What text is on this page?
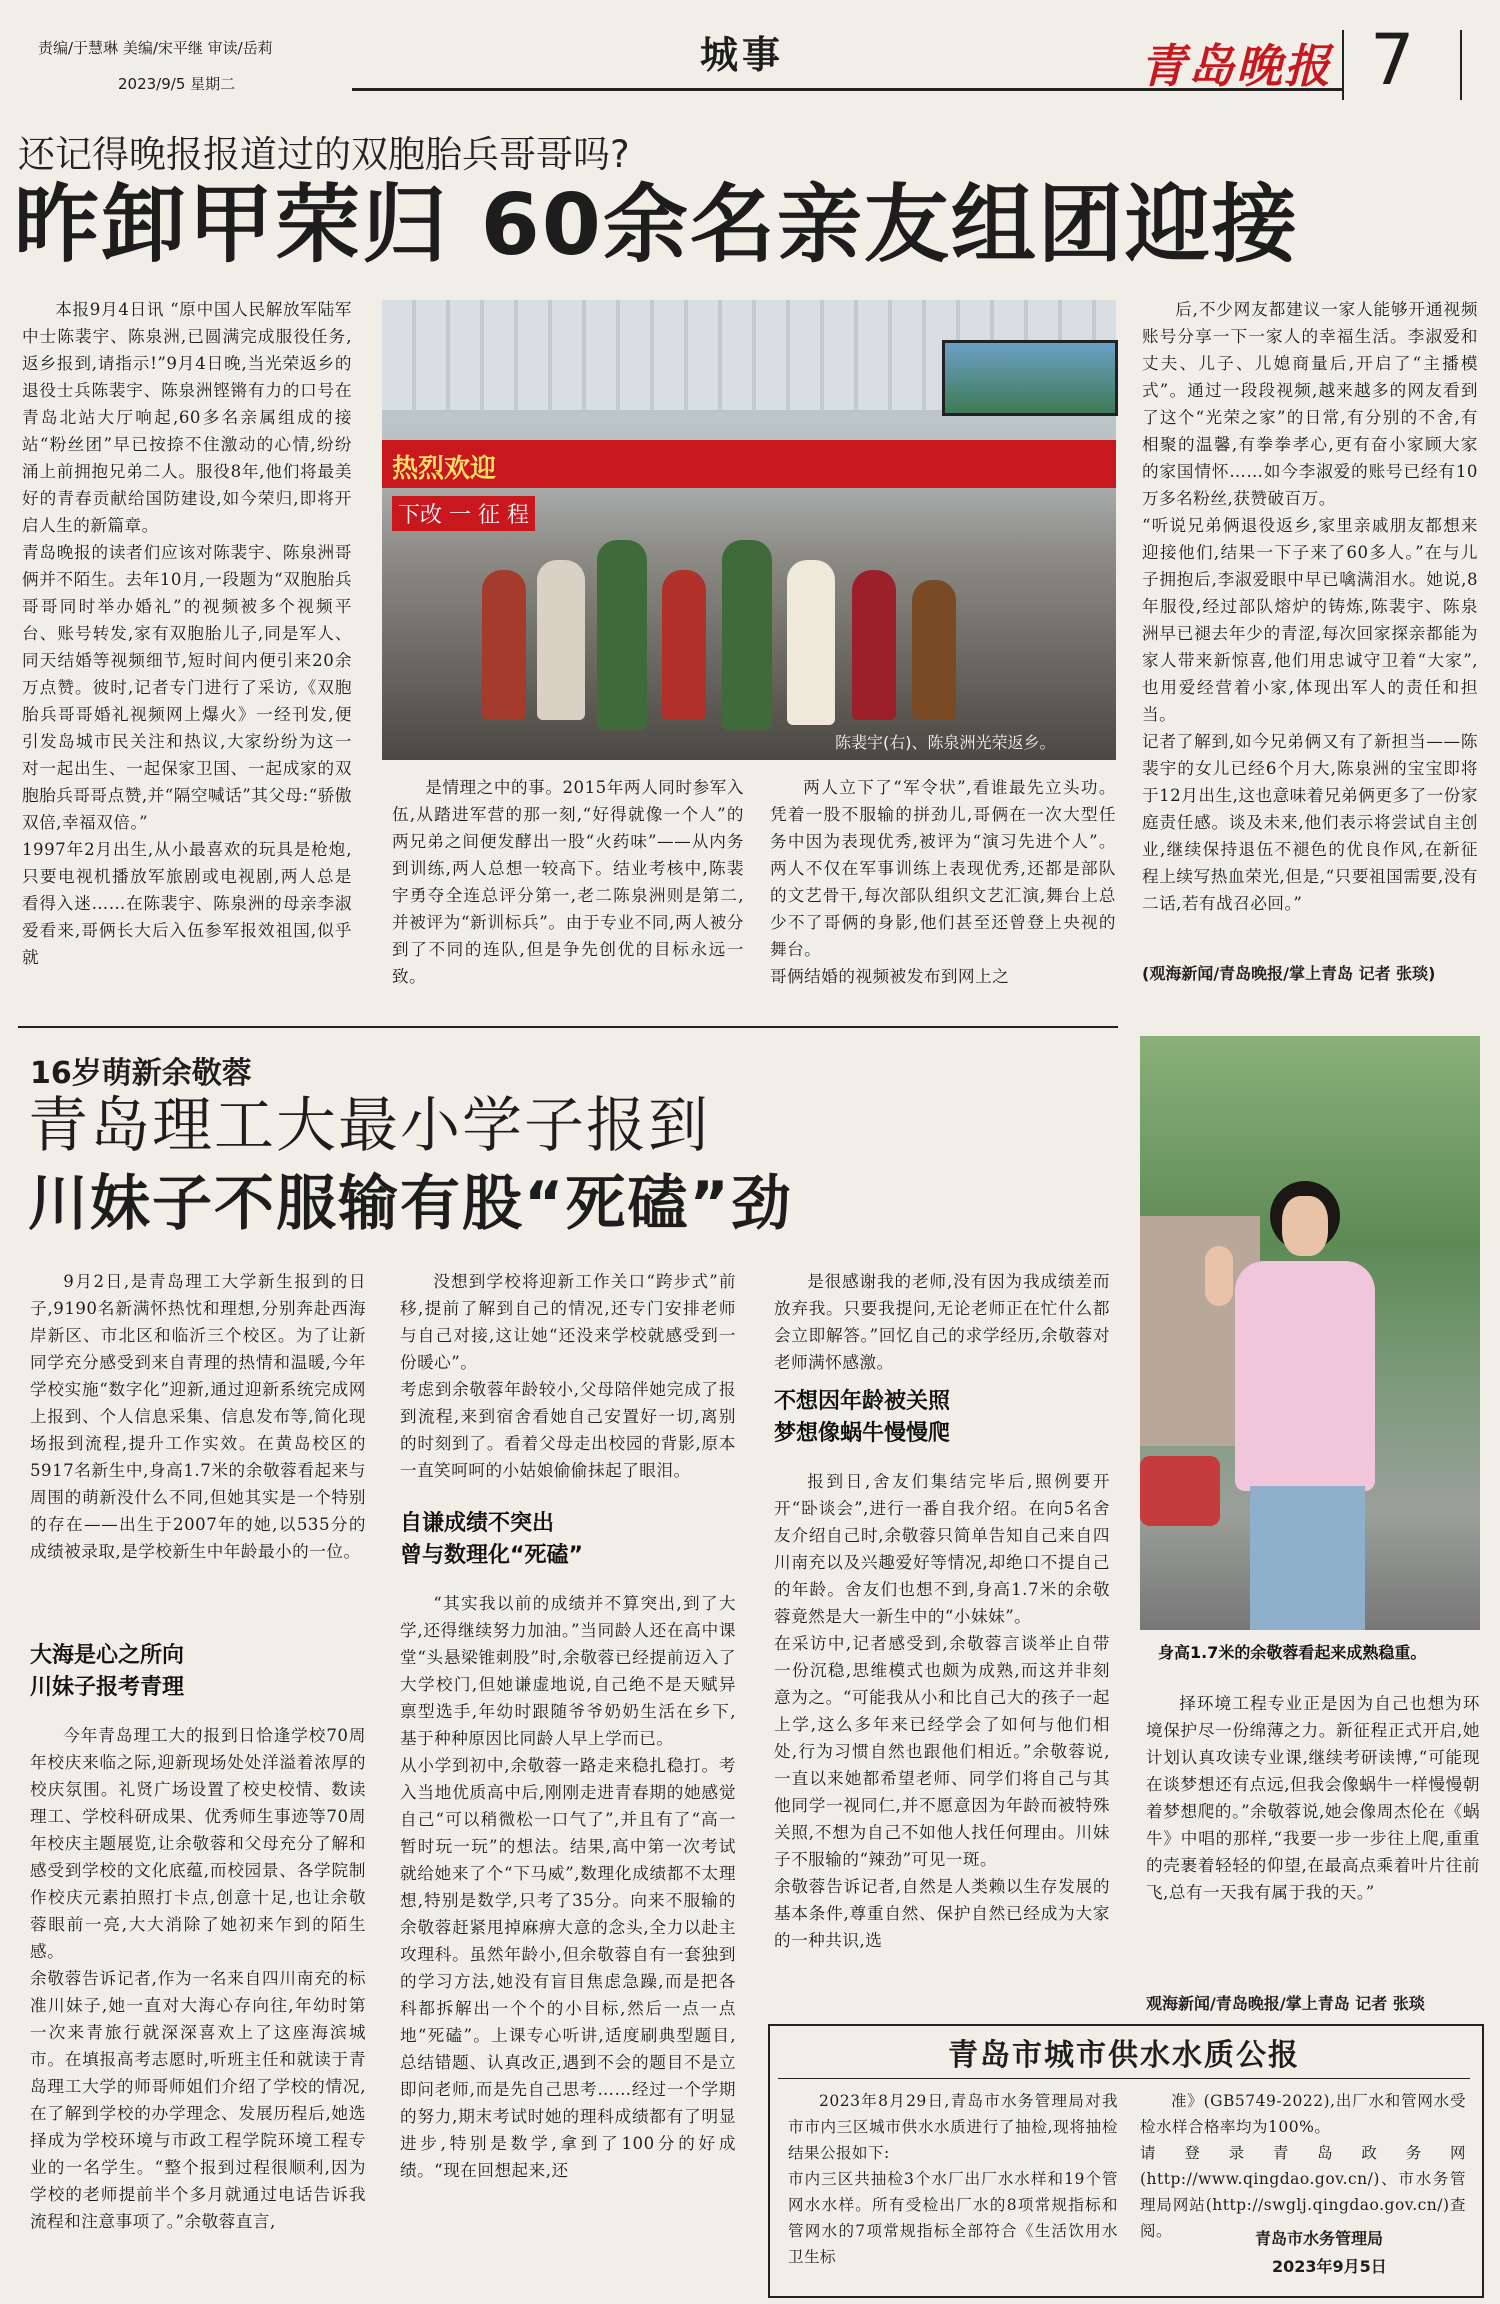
责编/于慧琳 美编/宋平继 审读/岳莉
2023/9/5 星期二
城事	青岛晚报 7
还记得晚报报道过的双胞胎兵哥哥吗?
昨卸甲荣归 60余名亲友组团迎接
本报9月4日讯 “原中国人民解放军陆军中士陈裴宇、陈泉洲,已圆满完成服役任务,返乡报到,请指示!”9月4日晚,当光荣返乡的退役士兵陈裴宇、陈泉洲铿锵有力的口号在青岛北站大厅响起,60多名亲属组成的接站“粉丝团”早已按捺不住激动的心情,纷纷涌上前拥抱兄弟二人。服役8年,他们将最美好的青春贡献给国防建设,如今荣归,即将开启人生的新篇章。
青岛晚报的读者们应该对陈裴宇、陈泉洲哥俩并不陌生。去年10月,一段题为“双胞胎兵哥哥同时举办婚礼”的视频被多个视频平台、账号转发,家有双胞胎儿子,同是军人、同天结婚等视频细节,短时间内便引来20余万点赞。彼时,记者专门进行了采访,《双胞胎兵哥哥婚礼视频网上爆火》一经刊发,便引发岛城市民关注和热议,大家纷纷为这一对一起出生、一起保家卫国、一起成家的双胞胎兵哥哥点赞,并“隔空喊话”其父母:“骄傲双倍,幸福双倍。”
1997年2月出生,从小最喜欢的玩具是枪炮,只要电视机播放军旅剧或电视剧,两人总是看得入迷……在陈裴宇、陈泉洲的母亲李淑爱看来,哥俩长大后入伍参军报效祖国,似乎就
热烈欢迎
下改 一 征 程
陈裴宇(右)、陈泉洲光荣返乡。
是情理之中的事。2015年两人同时参军入伍,从踏进军营的那一刻,“好得就像一个人”的两兄弟之间便发酵出一股“火药味”——从内务到训练,两人总想一较高下。结业考核中,陈裴宇勇夺全连总评分第一,老二陈泉洲则是第二,并被评为“新训标兵”。由于专业不同,两人被分到了不同的连队,但是争先创优的目标永远一致。
两人立下了“军令状”,看谁最先立头功。凭着一股不服输的拼劲儿,哥俩在一次大型任务中因为表现优秀,被评为“演习先进个人”。两人不仅在军事训练上表现优秀,还都是部队的文艺骨干,每次部队组织文艺汇演,舞台上总少不了哥俩的身影,他们甚至还曾登上央视的舞台。
哥俩结婚的视频被发布到网上之
后,不少网友都建议一家人能够开通视频账号分享一下一家人的幸福生活。李淑爱和丈夫、儿子、儿媳商量后,开启了“主播模式”。通过一段段视频,越来越多的网友看到了这个“光荣之家”的日常,有分别的不舍,有相聚的温馨,有拳拳孝心,更有奋小家顾大家的家国情怀……如今李淑爱的账号已经有10万多名粉丝,获赞破百万。
“听说兄弟俩退役返乡,家里亲戚朋友都想来迎接他们,结果一下子来了60多人。”在与儿子拥抱后,李淑爱眼中早已噙满泪水。她说,8年服役,经过部队熔炉的铸炼,陈裴宇、陈泉洲早已褪去年少的青涩,每次回家探亲都能为家人带来新惊喜,他们用忠诚守卫着“大家”,也用爱经营着小家,体现出军人的责任和担当。
记者了解到,如今兄弟俩又有了新担当——陈裴宇的女儿已经6个月大,陈泉洲的宝宝即将于12月出生,这也意味着兄弟俩更多了一份家庭责任感。谈及未来,他们表示将尝试自主创业,继续保持退伍不褪色的优良作风,在新征程上续写热血荣光,但是,“只要祖国需要,没有二话,若有战召必回。”
(观海新闻/青岛晚报/掌上青岛 记者 张琰)
16岁萌新余敬蓉
青岛理工大最小学子报到
川妹子不服输有股“死磕”劲
身高1.7米的余敬蓉看起来成熟稳重。
9月2日,是青岛理工大学新生报到的日子,9190名新满怀热忱和理想,分别奔赴西海岸新区、市北区和临沂三个校区。为了让新同学充分感受到来自青理的热情和温暖,今年学校实施“数字化”迎新,通过迎新系统完成网上报到、个人信息采集、信息发布等,简化现场报到流程,提升工作实效。在黄岛校区的5917名新生中,身高1.7米的余敬蓉看起来与周围的萌新没什么不同,但她其实是一个特别的存在——出生于2007年的她,以535分的成绩被录取,是学校新生中年龄最小的一位。
大海是心之所向
川妹子报考青理
今年青岛理工大的报到日恰逢学校70周年校庆来临之际,迎新现场处处洋溢着浓厚的校庆氛围。礼贤广场设置了校史校情、数读理工、学校科研成果、优秀师生事迹等70周年校庆主题展览,让余敬蓉和父母充分了解和感受到学校的文化底蕴,而校园景、各学院制作校庆元素拍照打卡点,创意十足,也让余敬蓉眼前一亮,大大消除了她初来乍到的陌生感。
余敬蓉告诉记者,作为一名来自四川南充的标准川妹子,她一直对大海心存向往,年幼时第一次来青旅行就深深喜欢上了这座海滨城市。在填报高考志愿时,听班主任和就读于青岛理工大学的师哥师姐们介绍了学校的情况,在了解到学校的办学理念、发展历程后,她选择成为学校环境与市政工程学院环境工程专业的一名学生。“整个报到过程很顺利,因为学校的老师提前半个多月就通过电话告诉我流程和注意事项了。”余敬蓉直言,
没想到学校将迎新工作关口“跨步式”前移,提前了解到自己的情况,还专门安排老师与自己对接,这让她“还没来学校就感受到一份暖心”。
考虑到余敬蓉年龄较小,父母陪伴她完成了报到流程,来到宿舍看她自己安置好一切,离别的时刻到了。看着父母走出校园的背影,原本一直笑呵呵的小姑娘偷偷抹起了眼泪。
自谦成绩不突出
曾与数理化“死磕”
“其实我以前的成绩并不算突出,到了大学,还得继续努力加油。”当同龄人还在高中课堂“头悬梁锥刺股”时,余敬蓉已经提前迈入了大学校门,但她谦虚地说,自己绝不是天赋异禀型选手,年幼时跟随爷爷奶奶生活在乡下,基于种种原因比同龄人早上学而已。
从小学到初中,余敬蓉一路走来稳扎稳打。考入当地优质高中后,刚刚走进青春期的她感觉自己“可以稍微松一口气了”,并且有了“高一暂时玩一玩”的想法。结果,高中第一次考试就给她来了个“下马威”,数理化成绩都不太理想,特别是数学,只考了35分。向来不服输的余敬蓉赶紧甩掉麻痹大意的念头,全力以赴主攻理科。虽然年龄小,但余敬蓉自有一套独到的学习方法,她没有盲目焦虑急躁,而是把各科都拆解出一个个的小目标,然后一点一点地“死磕”。上课专心听讲,适度刷典型题目,总结错题、认真改正,遇到不会的题目不是立即问老师,而是先自己思考……经过一个学期的努力,期末考试时她的理科成绩都有了明显进步,特别是数学,拿到了100分的好成绩。“现在回想起来,还
是很感谢我的老师,没有因为我成绩差而放弃我。只要我提问,无论老师正在忙什么都会立即解答。”回忆自己的求学经历,余敬蓉对老师满怀感激。
不想因年龄被关照
梦想像蜗牛慢慢爬
报到日,舍友们集结完毕后,照例要开开“卧谈会”,进行一番自我介绍。在向5名舍友介绍自己时,余敬蓉只简单告知自己来自四川南充以及兴趣爱好等情况,却绝口不提自己的年龄。舍友们也想不到,身高1.7米的余敬蓉竟然是大一新生中的“小妹妹”。
在采访中,记者感受到,余敬蓉言谈举止自带一份沉稳,思维模式也颇为成熟,而这并非刻意为之。“可能我从小和比自己大的孩子一起上学,这么多年来已经学会了如何与他们相处,行为习惯自然也跟他们相近。”余敬蓉说,一直以来她都希望老师、同学们将自己与其他同学一视同仁,并不愿意因为年龄而被特殊关照,不想为自己不如他人找任何理由。川妹子不服输的“辣劲”可见一斑。
余敬蓉告诉记者,自然是人类赖以生存发展的基本条件,尊重自然、保护自然已经成为大家的一种共识,选
择环境工程专业正是因为自己也想为环境保护尽一份绵薄之力。新征程正式开启,她计划认真攻读专业课,继续考研读博,“可能现在谈梦想还有点远,但我会像蜗牛一样慢慢朝着梦想爬的。”余敬蓉说,她会像周杰伦在《蜗牛》中唱的那样,“我要一步一步往上爬,重重的壳裹着轻轻的仰望,在最高点乘着叶片往前飞,总有一天我有属于我的天。”
观海新闻/青岛晚报/掌上青岛 记者 张琰
青岛市城市供水水质公报
2023年8月29日,青岛市水务管理局对我市市内三区城市供水水质进行了抽检,现将抽检结果公报如下:
市内三区共抽检3个水厂出厂水水样和19个管网水水样。所有受检出厂水的8项常规指标和管网水的7项常规指标全部符合《生活饮用水卫生标
准》(GB5749-2022),出厂水和管网水受检水样合格率均为100%。
请登录青岛政务网(http://www.qingdao.gov.cn/)、市水务管理局网站(http://swglj.qingdao.gov.cn/)查阅。	青岛市水务管理局
2023年9月5日
